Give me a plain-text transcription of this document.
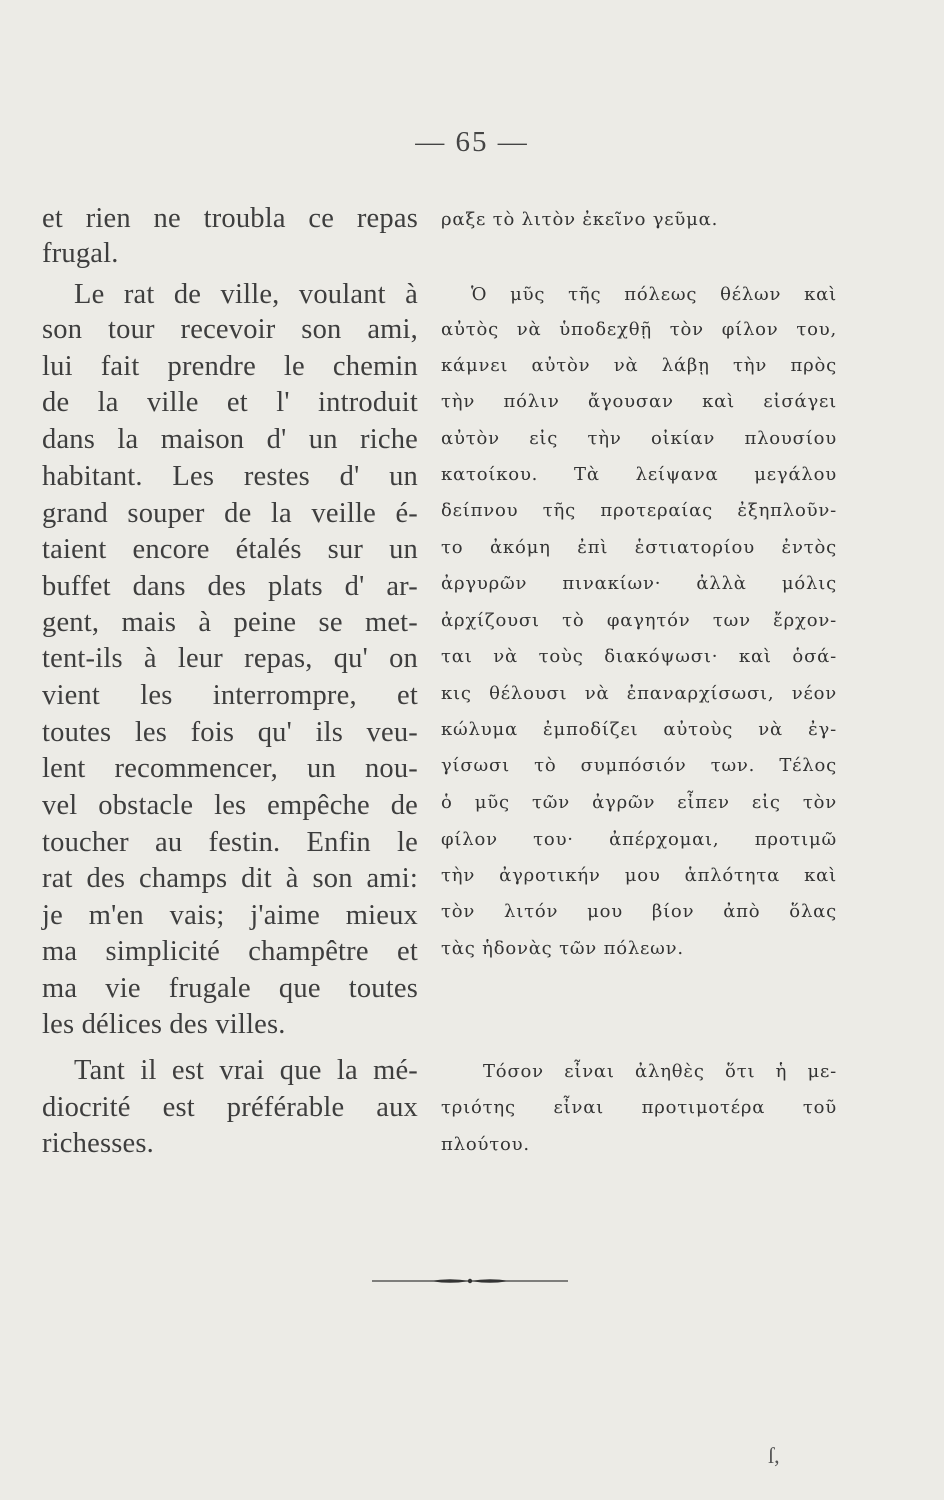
— 65 —
et rien ne troubla ce repas
frugal.
Le rat de ville, voulant à
son tour recevoir son ami,
lui fait prendre le chemin
de la ville et l' introduit
dans la maison d' un riche
habitant. Les restes d' un
grand souper de la veille é-
taient encore étalés sur un
buffet dans des plats d' ar-
gent, mais à peine se met-
tent-ils à leur repas, qu' on
vient les interrompre, et
toutes les fois qu' ils veu-
lent recommencer, un nou-
vel obstacle les empêche de
toucher au festin. Enfin le
rat des champs dit à son ami:
je m'en vais; j'aime mieux
ma simplicité champêtre et
ma vie frugale que toutes
les délices des villes.
Tant il est vrai que la mé-
diocrité est préférable aux
richesses.
ραξε τὸ λιτὸν ἐκεῖνο γεῦμα.
Ὁ μῦς τῆς πόλεως θέλων καὶ
αὐτὸς νὰ ὑποδεχθῇ τὸν φίλον του,
κάμνει αὐτὸν νὰ λάβῃ τὴν πρὸς
τὴν πόλιν ἄγουσαν καὶ εἰσάγει
αὐτὸν εἰς τὴν οἰκίαν πλουσίου
κατοίκου. Τὰ λείψανα μεγάλου
δείπνου τῆς προτεραίας ἐξηπλοῦν-
το ἀκόμη ἐπὶ ἑστιατορίου ἐντὸς
ἀργυρῶν πινακίων· ἀλλὰ μόλις
ἀρχίζουσι τὸ φαγητόν των ἔρχον-
ται νὰ τοὺς διακόψωσι· καὶ ὁσά-
κις θέλουσι νὰ ἐπαναρχίσωσι, νέον
κώλυμα ἐμποδίζει αὐτοὺς νὰ ἐγ-
γίσωσι τὸ συμπόσιόν των. Τέλος
ὁ μῦς τῶν ἀγρῶν εἶπεν εἰς τὸν
φίλον του· ἀπέρχομαι, προτιμῶ
τὴν ἀγροτικήν μου ἁπλότητα καὶ
τὸν λιτόν μου βίον ἀπὸ ὅλας
τὰς ἡδονὰς τῶν πόλεων.
Τόσον εἶναι ἀληθὲς ὅτι ἡ με-
τριότης εἶναι προτιμοτέρα τοῦ
πλούτου.
ſ,
